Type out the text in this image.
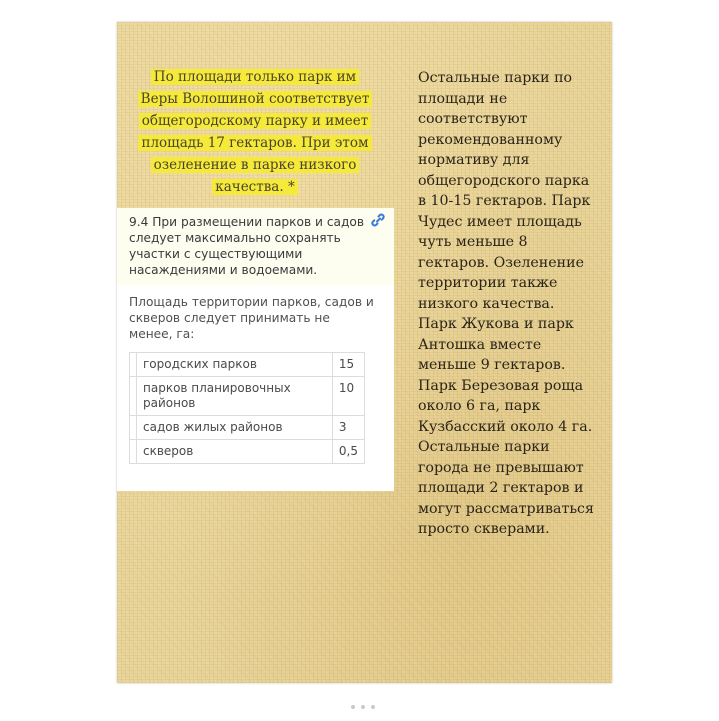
По площади только парк им
Веры Волошиной соответствует
общегородскому парку и имеет
площадь 17 гектаров. При этом
озеленение в парке низкого
качества. *
9.4 При размещении парков и садов
следует максимально сохранять
участки с существующими
насаждениями и водоемами.
Площадь территории парков, садов и
скверов следует принимать не
менее, га:
	городских парков	15
	парков планировочных районов	10
	садов жилых районов	3
	скверов	0,5
Остальные парки по
площади не
соответствуют
рекомендованному
нормативу для
общегородского парка
в 10-15 гектаров. Парк
Чудес имеет площадь
чуть меньше 8
гектаров. Озеленение
территории также
низкого качества.
Парк Жукова и парк
Антошка вместе
меньше 9 гектаров.
Парк Березовая роща
около 6 га, парк
Кузбасский около 4 га.
Остальные парки
города не превышают
площади 2 гектаров и
могут рассматриваться
просто скверами.
